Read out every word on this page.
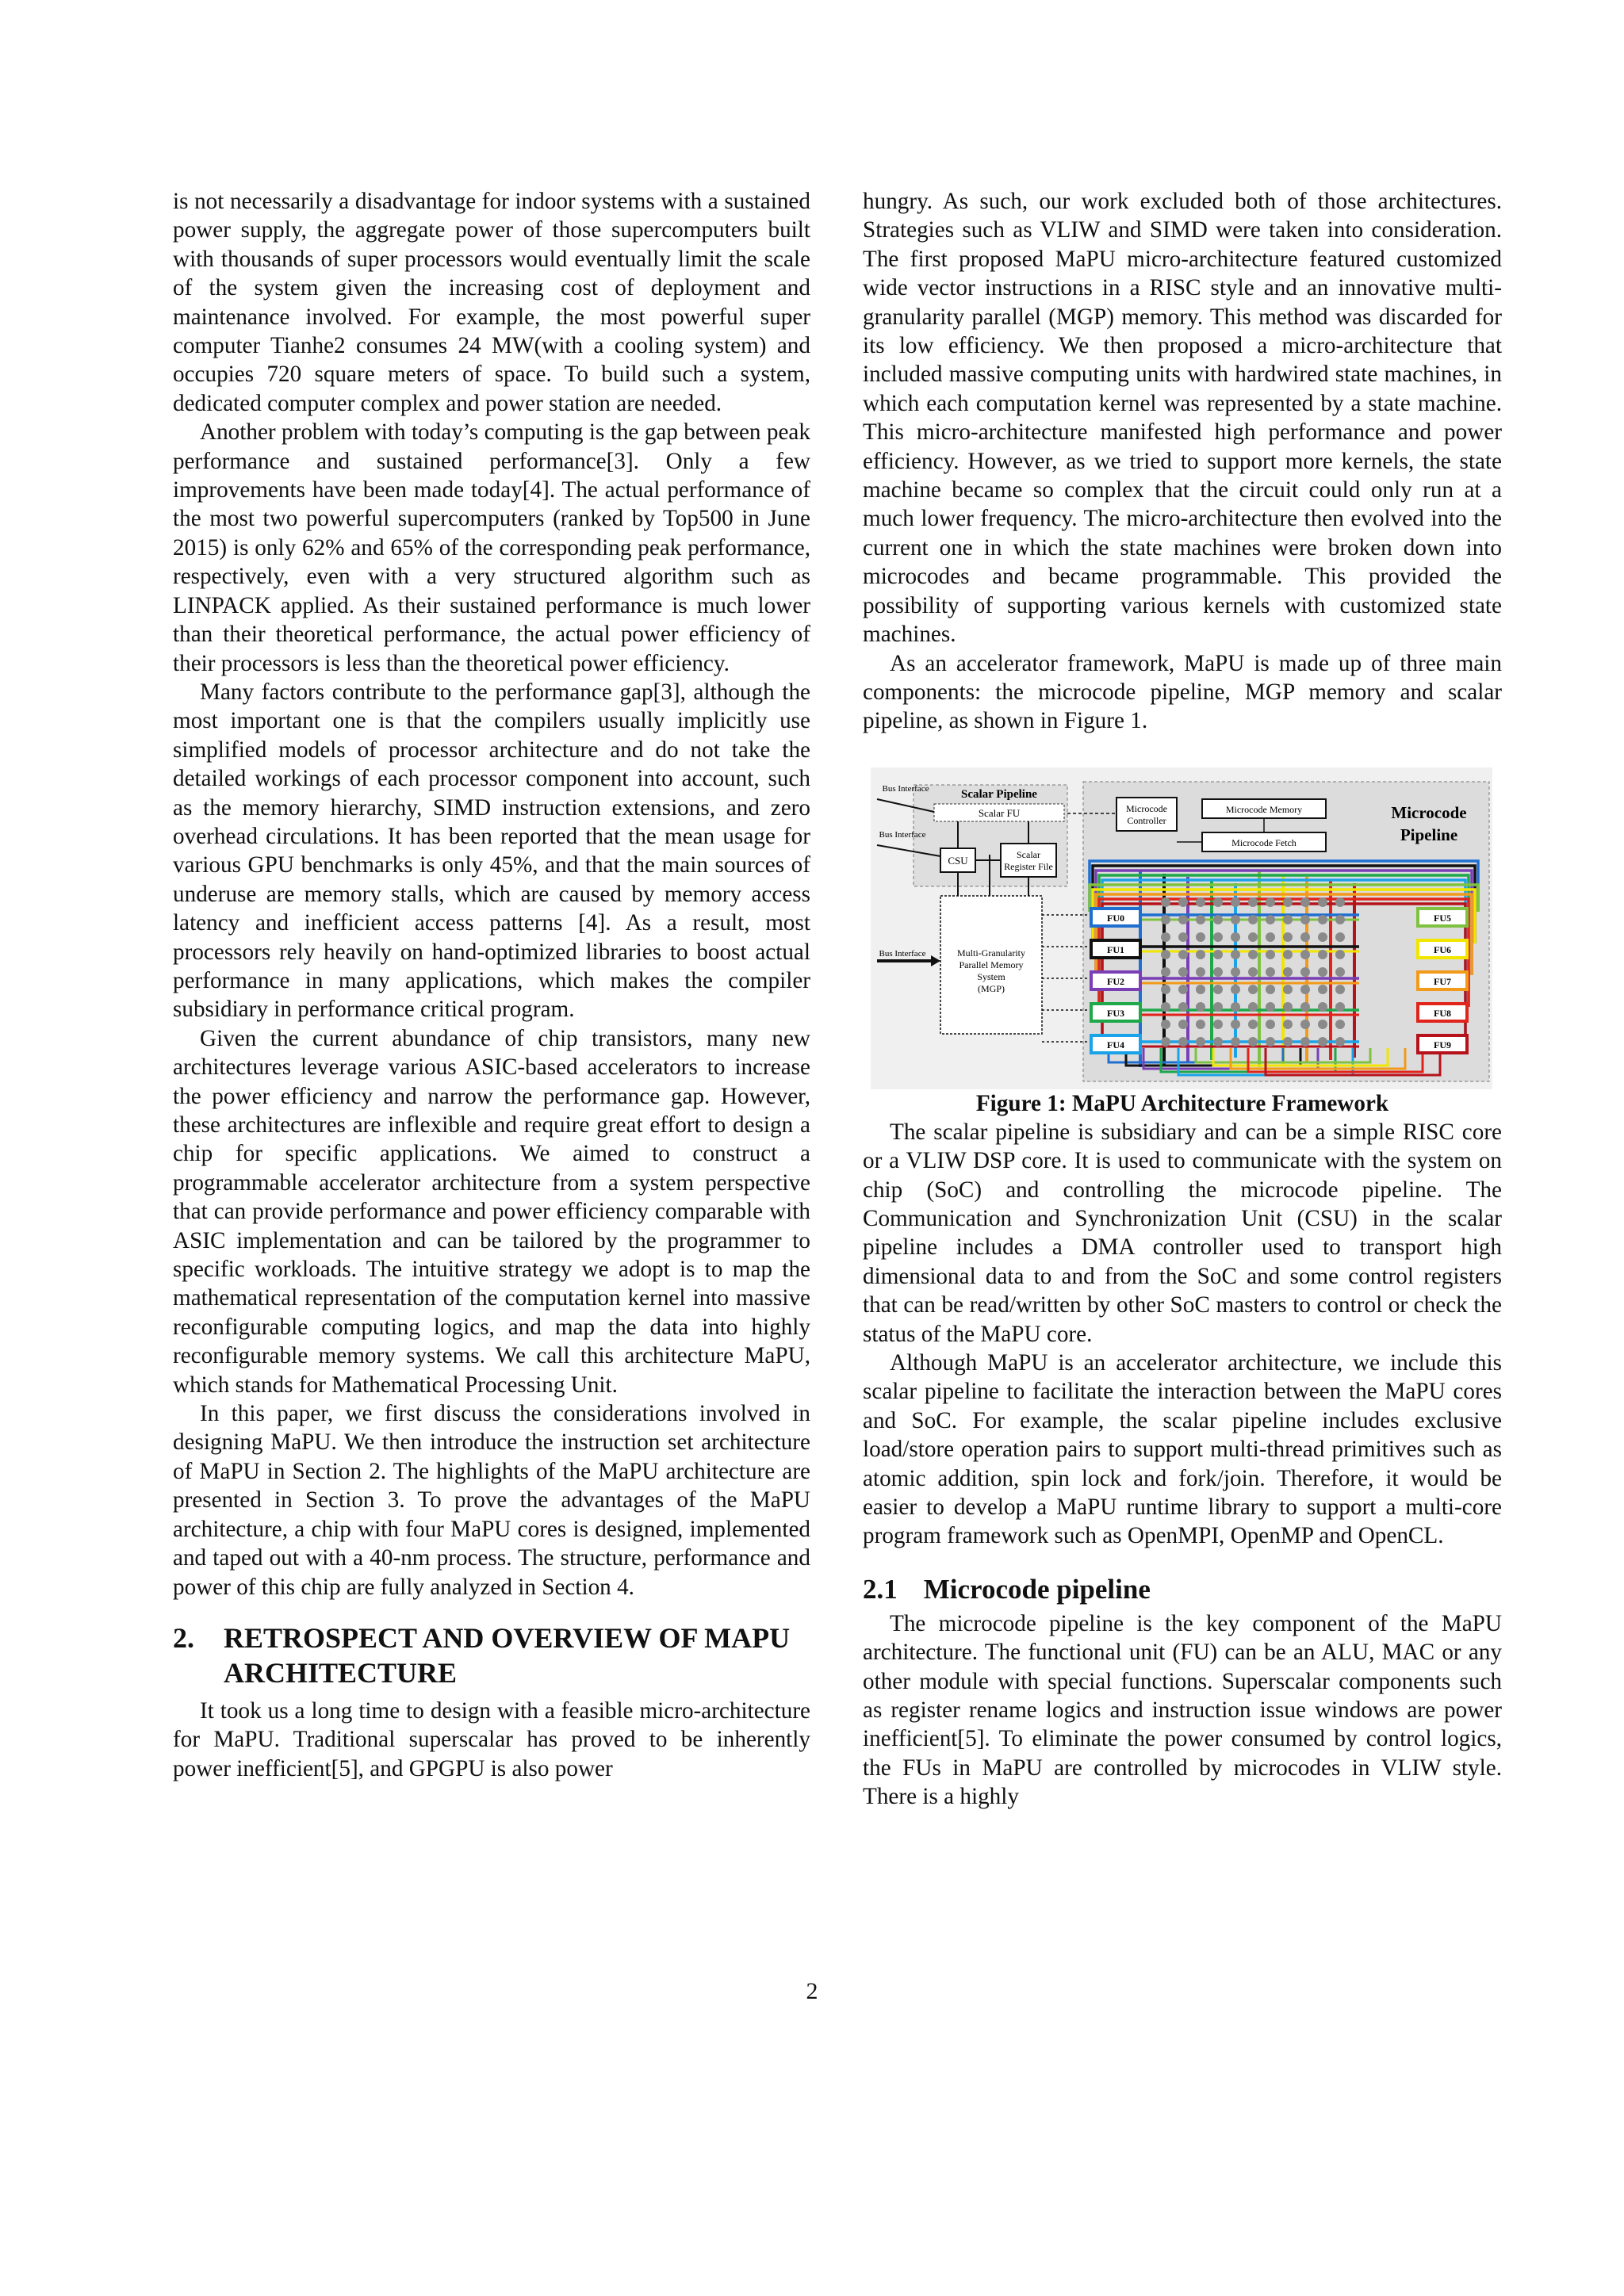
is not necessarily a disadvantage for indoor systems with a sustained power supply, the aggregate power of those supercomputers built with thousands of super processors would eventually limit the scale of the system given the increasing cost of deployment and maintenance involved. For example, the most powerful super computer Tianhe2 consumes 24 MW(with a cooling system) and occupies 720 square meters of space. To build such a system, dedicated computer complex and power station are needed.

Another problem with today’s computing is the gap between peak performance and sustained performance[3]. Only a few improvements have been made today[4]. The actual performance of the most two powerful supercomputers (ranked by Top500 in June 2015) is only 62% and 65% of the corresponding peak performance, respectively, even with a very structured algorithm such as LINPACK applied. As their sustained performance is much lower than their theoretical performance, the actual power efficiency of their processors is less than the theoretical power efficiency.

Many factors contribute to the performance gap[3], although the most important one is that the compilers usually implicitly use simplified models of processor architecture and do not take the detailed workings of each processor component into account, such as the memory hierarchy, SIMD instruction extensions, and zero overhead circulations. It has been reported that the mean usage for various GPU benchmarks is only 45%, and that the main sources of underuse are memory stalls, which are caused by memory access latency and inefficient access patterns [4]. As a result, most processors rely heavily on hand-optimized libraries to boost actual performance in many applications, which makes the compiler subsidiary in performance critical program.

Given the current abundance of chip transistors, many new architectures leverage various ASIC-based accelerators to increase the power efficiency and narrow the performance gap. However, these architectures are inflexible and require great effort to design a chip for specific applications. We aimed to construct a programmable accelerator architecture from a system perspective that can provide performance and power efficiency comparable with ASIC implementation and can be tailored by the programmer to specific workloads. The intuitive strategy we adopt is to map the mathematical representation of the computation kernel into massive reconfigurable computing logics, and map the data into highly reconfigurable memory systems. We call this architecture MaPU, which stands for Mathematical Processing Unit.

In this paper, we first discuss the considerations involved in designing MaPU. We then introduce the instruction set architecture of MaPU in Section 2. The highlights of the MaPU architecture are presented in Section 3. To prove the advantages of the MaPU architecture, a chip with four MaPU cores is designed, implemented and taped out with a 40-nm process. The structure, performance and power of this chip are fully analyzed in Section 4.

2.	RETROSPECT AND OVERVIEW OF MAPU ARCHITECTURE

It took us a long time to design with a feasible micro-architecture for MaPU. Traditional superscalar has proved to be inherently power inefficient[5], and GPGPU is also power

hungry. As such, our work excluded both of those architectures. Strategies such as VLIW and SIMD were taken into consideration. The first proposed MaPU micro-architecture featured customized wide vector instructions in a RISC style and an innovative multi-granularity parallel (MGP) memory. This method was discarded for its low efficiency. We then proposed a micro-architecture that included massive computing units with hardwired state machines, in which each computation kernel was represented by a state machine. This micro-architecture manifested high performance and power efficiency. However, as we tried to support more kernels, the state machine became so complex that the circuit could only run at a much lower frequency. The micro-architecture then evolved into the current one in which the state machines were broken down into microcodes and became programmable. This provided the possibility of supporting various kernels with customized state machines.

As an accelerator framework, MaPU is made up of three main components: the microcode pipeline, MGP memory and scalar pipeline, as shown in Figure 1.

Scalar Pipeline
Scalar FU
CSU	Scalar
Register File
Bus Interface
Bus Interface
Bus Interface	Multi-Granularity
Parallel Memory
System
(MGP)
Microcode
Pipeline
Microcode
Controller
Microcode Memory
Microcode Fetch
FU0
FU1
FU2
FU3
FU4
FU5
FU6
FU7
FU8
FU9

Figure 1: MaPU Architecture Framework

The scalar pipeline is subsidiary and can be a simple RISC core or a VLIW DSP core. It is used to communicate with the system on chip (SoC) and controlling the microcode pipeline. The Communication and Synchronization Unit (CSU) in the scalar pipeline includes a DMA controller used to transport high dimensional data to and from the SoC and some control registers that can be read/written by other SoC masters to control or check the status of the MaPU core.

Although MaPU is an accelerator architecture, we include this scalar pipeline to facilitate the interaction between the MaPU cores and SoC. For example, the scalar pipeline includes exclusive load/store operation pairs to support multi-thread primitives such as atomic addition, spin lock and fork/join. Therefore, it would be easier to develop a MaPU runtime library to support a multi-core program framework such as OpenMPI, OpenMP and OpenCL.

2.1 Microcode pipeline

The microcode pipeline is the key component of the MaPU architecture. The functional unit (FU) can be an ALU, MAC or any other module with special functions. Superscalar components such as register rename logics and instruction issue windows are power inefficient[5]. To eliminate the power consumed by control logics, the FUs in MaPU are controlled by microcodes in VLIW style. There is a highly

2
